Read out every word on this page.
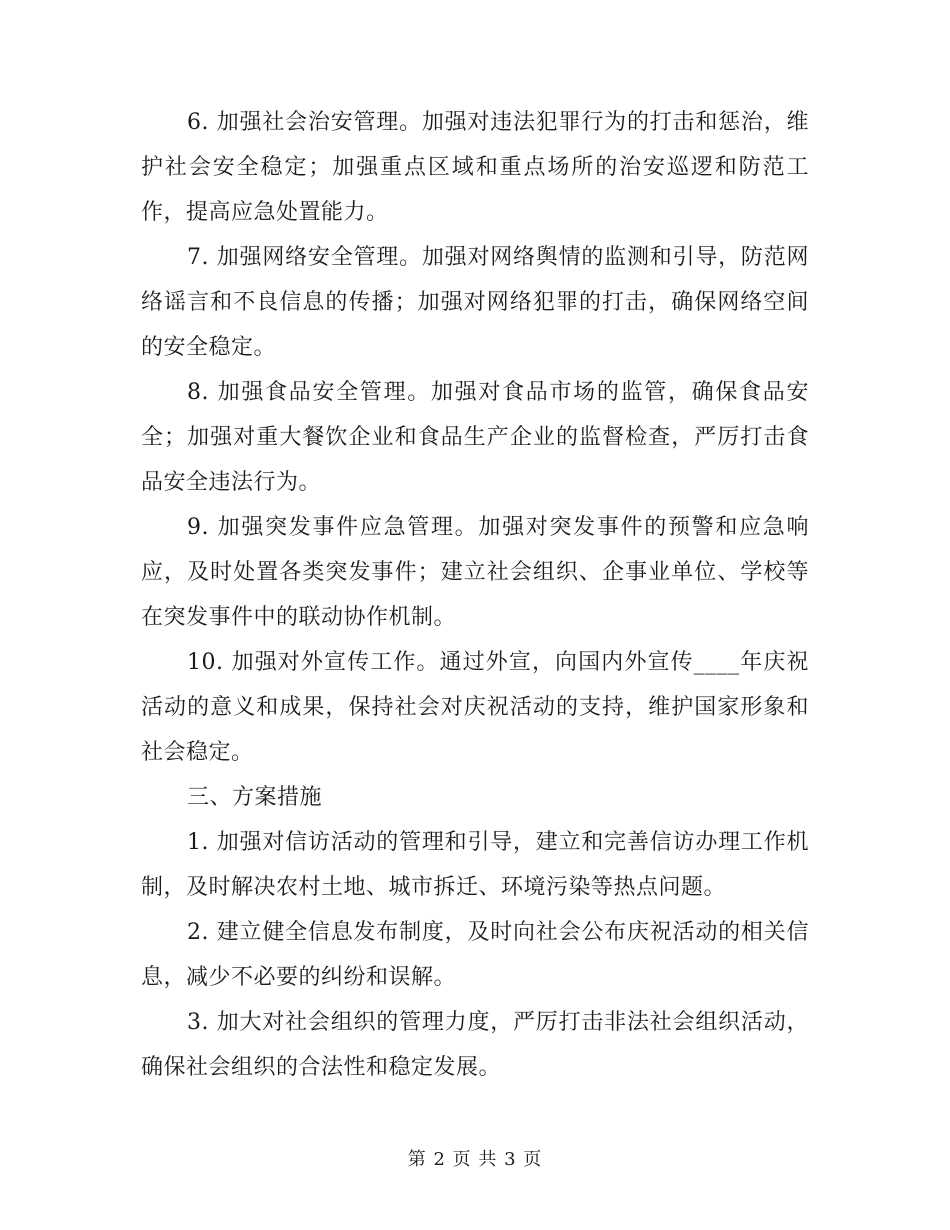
6. 加强社会治安管理。加强对违法犯罪行为的打击和惩治，维护社会安全稳定；加强重点区域和重点场所的治安巡逻和防范工作，提高应急处置能力。

7. 加强网络安全管理。加强对网络舆情的监测和引导，防范网络谣言和不良信息的传播；加强对网络犯罪的打击，确保网络空间的安全稳定。

8. 加强食品安全管理。加强对食品市场的监管，确保食品安全；加强对重大餐饮企业和食品生产企业的监督检查，严厉打击食品安全违法行为。

9. 加强突发事件应急管理。加强对突发事件的预警和应急响应，及时处置各类突发事件；建立社会组织、企事业单位、学校等在突发事件中的联动协作机制。

10. 加强对外宣传工作。通过外宣，向国内外宣传____年庆祝活动的意义和成果，保持社会对庆祝活动的支持，维护国家形象和社会稳定。

三、方案措施

1. 加强对信访活动的管理和引导，建立和完善信访办理工作机制，及时解决农村土地、城市拆迁、环境污染等热点问题。

2. 建立健全信息发布制度，及时向社会公布庆祝活动的相关信息，减少不必要的纠纷和误解。

3. 加大对社会组织的管理力度，严厉打击非法社会组织活动，确保社会组织的合法性和稳定发展。

第 2 页 共 3 页
